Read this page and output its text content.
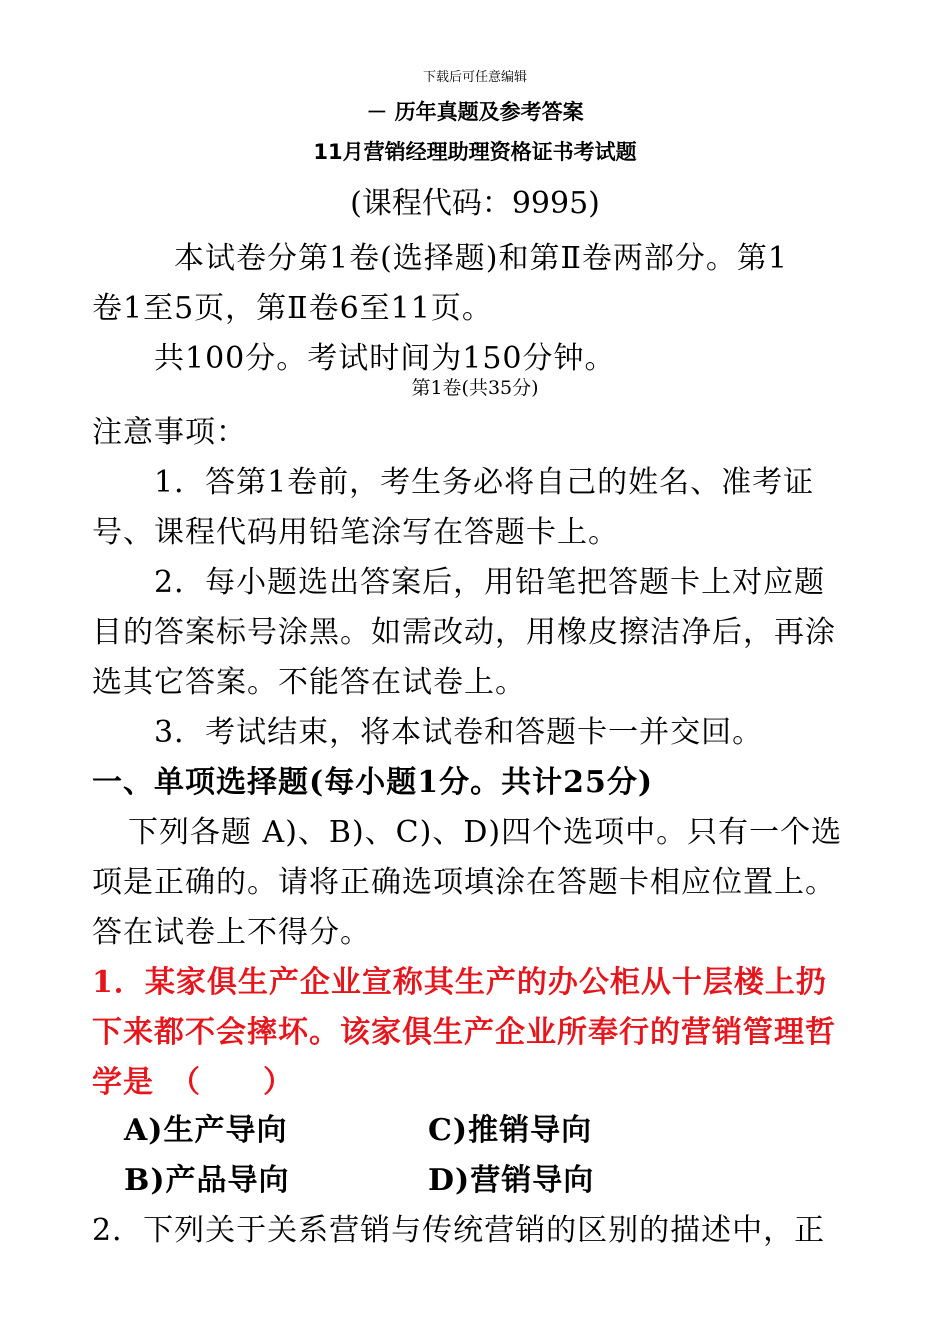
下载后可任意编辑
－ 历年真题及参考答案
11月营销经理助理资格证书考试题
(课程代码：9995)
本试卷分第1卷(选择题)和第Ⅱ卷两部分。第1
卷1至5页，第Ⅱ卷6至11页。
共100分。考试时间为150分钟。
第1卷(共35分)
注意事项：
1．答第1卷前，考生务必将自己的姓名、准考证
号、课程代码用铅笔涂写在答题卡上。
2．每小题选出答案后，用铅笔把答题卡上对应题
目的答案标号涂黑。如需改动，用橡皮擦洁净后，再涂
选其它答案。不能答在试卷上。
3．考试结束，将本试卷和答题卡一并交回。
一、单项选择题(每小题1分。共计25分)
下列各题 A)、B)、C)、D)四个选项中。只有一个选
项是正确的。请将正确选项填涂在答题卡相应位置上。
答在试卷上不得分。
1．某家俱生产企业宣称其生产的办公柜从十层楼上扔
下来都不会摔坏。该家俱生产企业所奉行的营销管理哲
学是　（　　）
A)生产导向	C)推销导向
B)产品导向	D)营销导向
2．下列关于关系营销与传统营销的区别的描述中，正
